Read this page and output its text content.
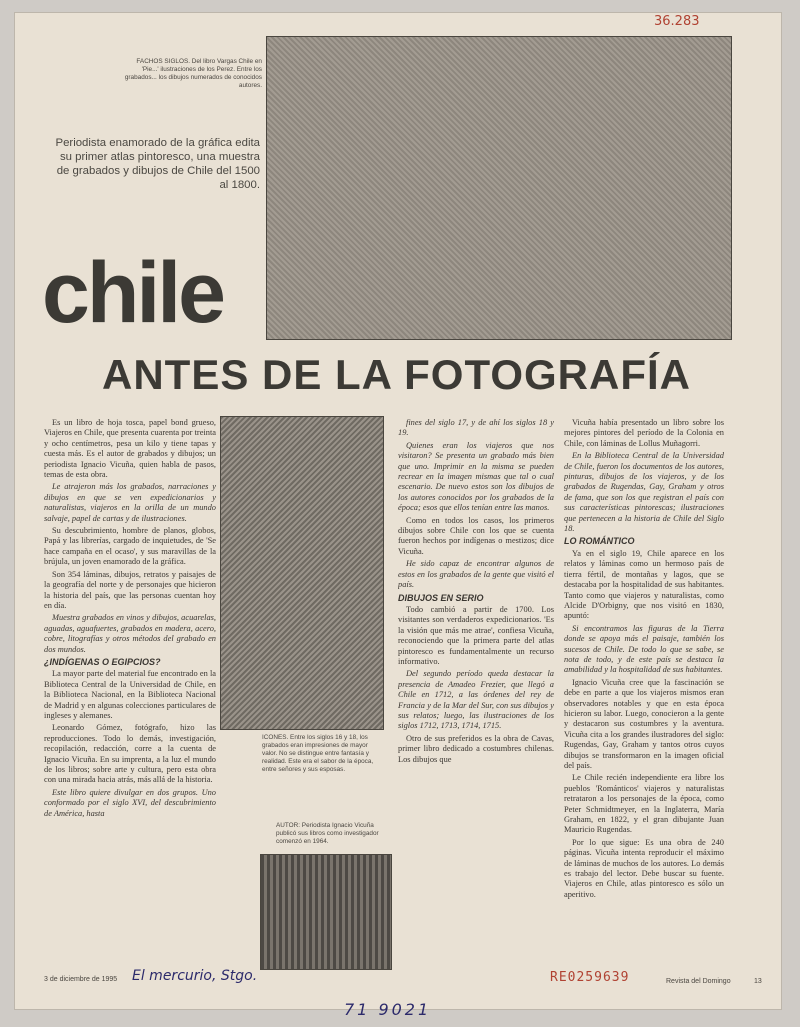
36.283
FACHOS SIGLOS. Del libro Vargas Chile en 'Pie...' ilustraciones de los Perez. Entre los grabados... los dibujos numerados de conocidos autores.
Periodista enamorado de la gráfica edita su primer atlas pintoresco, una muestra de grabados y dibujos de Chile del 1500 al 1800.
chile
ANTES DE LA FOTOGRAFÍA

Es un libro de hoja tosca, papel bond grueso, Viajeros en Chile, que presenta cuarenta por treinta y ocho centímetros, pesa un kilo y tiene tapas y cuesta más. Es el autor de grabados y dibujos; un periodista Ignacio Vicuña, quien habla de pasos, temas de esta obra.

Le atrajeron más los grabados, narraciones y dibujos en que se ven expedicionarios y naturalistas, viajeros en la orilla de un mundo salvaje, papel de cartas y de ilustraciones.

Su descubrimiento, hombre de planos, globos, Papá y las librerías, cargado de inquietudes, de 'Se hace campaña en el ocaso', y sus maravillas de la brújula, un joven enamorado de la gráfica.

Son 354 láminas, dibujos, retratos y paisajes de la geografía del norte y de personajes que hicieron la historia del país, que las personas cuentan hoy en día.

Muestra grabados en vinos y dibujos, acuarelas, aguadas, aguafuertes, grabados en madera, acero, cobre, litografías y otros métodos del grabado en dos mundos.

¿INDÍGENAS O EGIPCIOS?

La mayor parte del material fue encontrado en la Biblioteca Central de la Universidad de Chile, en la Biblioteca Nacional, en la Biblioteca Nacional de Madrid y en algunas colecciones particulares de ingleses y alemanes.

Leonardo Gómez, fotógrafo, hizo las reproducciones. Todo lo demás, investigación, recopilación, redacción, corre a la cuenta de Ignacio Vicuña. En su imprenta, a la luz el mundo de los libros; sobre arte y cultura, pero esta obra con una mirada hacia atrás, más allá de la historia.

Este libro quiere divulgar en dos grupos. Uno conformado por el siglo XVI, del descubrimiento de América, hasta

ICONES. Entre los siglos 16 y 18, los grabados eran impresiones de mayor valor. No se distingue entre fantasía y realidad. Este era el sabor de la época, entre señores y sus esposas.
AUTOR: Periodista Ignacio Vicuña publicó sus libros como investigador comenzó en 1964.

fines del siglo 17, y de ahí los siglos 18 y 19.

Quienes eran los viajeros que nos visitaron? Se presenta un grabado más bien que uno. Imprimir en la misma se pueden recrear en la imagen mismas que tal o cual escenario. De nuevo estos son los dibujos de los autores conocidos por los grabados de la época; esos que ellos tenían entre las manos.

Como en todos los casos, los primeros dibujos sobre Chile con los que se cuenta fueron hechos por indígenas o mestizos; dice Vicuña.

He sido capaz de encontrar algunos de estos en los grabados de la gente que visitó el país.

DIBUJOS EN SERIO

Todo cambió a partir de 1700. Los visitantes son verdaderos expedicionarios. 'Es la visión que más me atrae', confiesa Vicuña, reconociendo que la primera parte del atlas pintoresco es fundamentalmente un recurso informativo.

Del segundo período queda destacar la presencia de Amadeo Frezier, que llegó a Chile en 1712, a las órdenes del rey de Francia y de la Mar del Sur, con sus dibujos y sus relatos; luego, las ilustraciones de los siglos 1712, 1713, 1714, 1715.

Otro de sus preferidos es la obra de Cavas, primer libro dedicado a costumbres chilenas. Los dibujos que

Vicuña había presentado un libro sobre los mejores pintores del período de la Colonia en Chile, con láminas de Lollus Muñagorri.

En la Biblioteca Central de la Universidad de Chile, fueron los documentos de los autores, pinturas, dibujos de los viajeros, y de los grabados de Rugendas, Gay, Graham y otros de fama, que son los que registran el país con sus características pintorescas; ilustraciones que pertenecen a la historia de Chile del Siglo 18.

LO ROMÁNTICO

Ya en el siglo 19, Chile aparece en los relatos y láminas como un hermoso país de tierra fértil, de montañas y lagos, que se destacaba por la hospitalidad de sus habitantes. Tanto como que viajeros y naturalistas, como Alcide D'Orbigny, que nos visitó en 1830, apuntó:

Si encontramos las figuras de la Tierra donde se apoya más el paisaje, también los sucesos de Chile. De todo lo que se sabe, se nota de todo, y de este país se destaca la amabilidad y la hospitalidad de sus habitantes.

Ignacio Vicuña cree que la fascinación se debe en parte a que los viajeros mismos eran observadores notables y que en esta época hicieron su labor. Luego, conocieron a la gente y destacaron sus costumbres y la aventura. Vicuña cita a los grandes ilustradores del siglo: Rugendas, Gay, Graham y tantos otros cuyos dibujos se transformaron en la imagen oficial del país.

Le Chile recién independiente era libre los pueblos 'Románticos' viajeros y naturalistas retrataron a los personajes de la época, como Peter Schmidtmeyer, en la Inglaterra, María Graham, en 1822, y el gran dibujante Juan Mauricio Rugendas.

Por lo que sigue: Es una obra de 240 páginas. Vicuña intenta reproducir el máximo de láminas de muchos de los autores. Lo demás es trabajo del lector. Debe buscar su fuente. Viajeros en Chile, atlas pintoresco es sólo un aperitivo.

3 de diciembre de 1995 El mercurio, Stgo.	RE0259639	Revista del Domingo	13
71 9021
